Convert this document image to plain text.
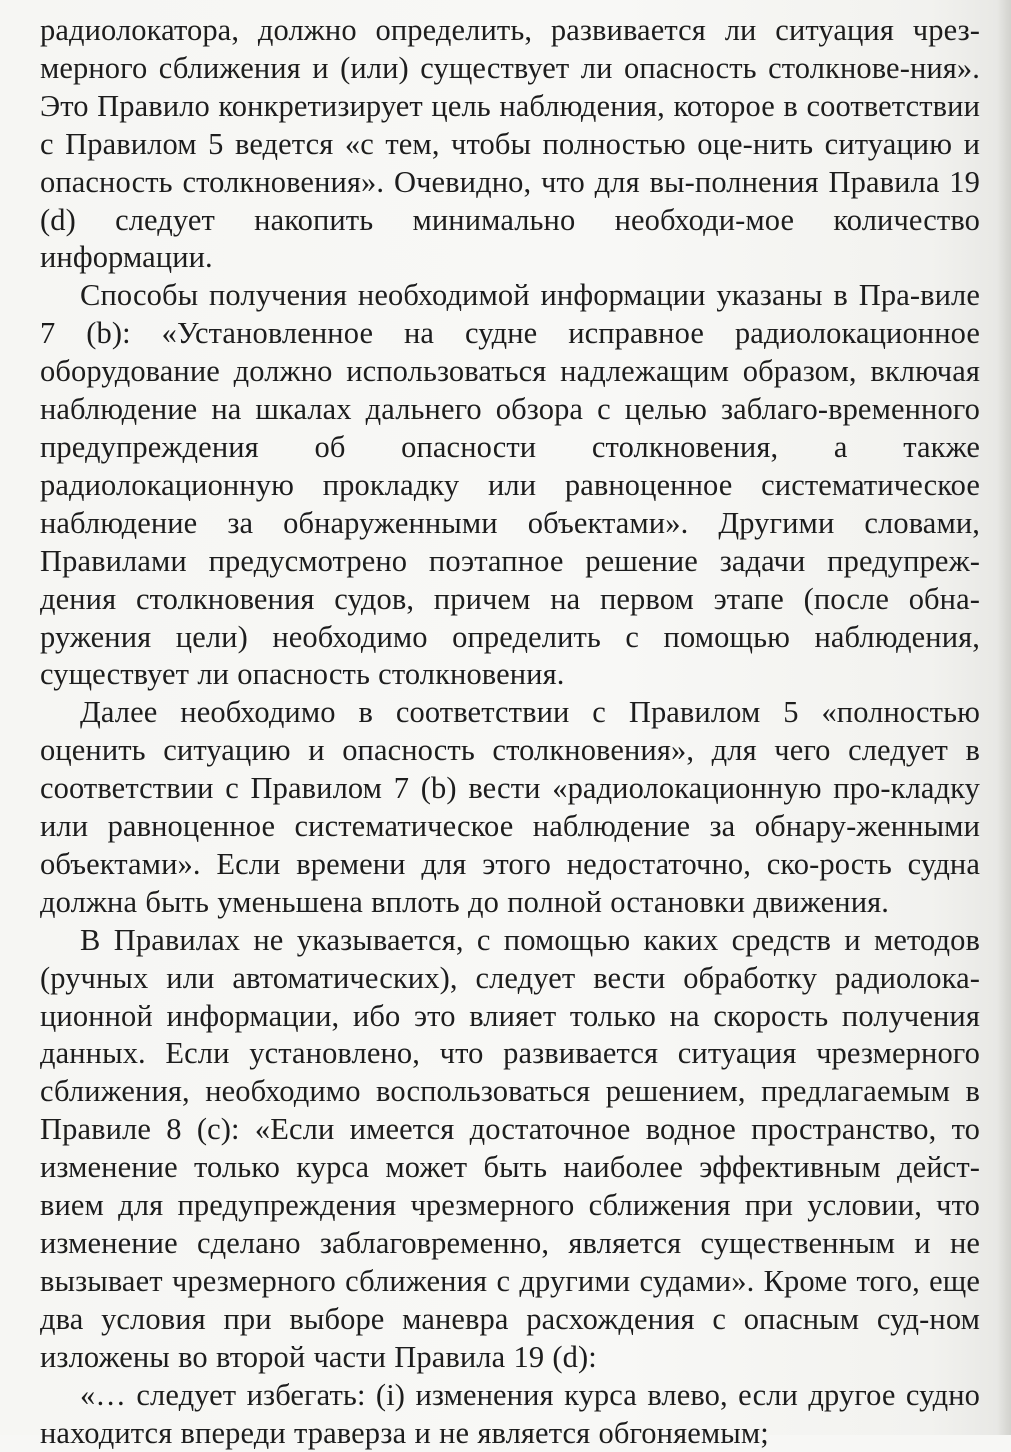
радиолокатора, должно определить, развивается ли ситуация чрез-мерного сближения и (или) существует ли опасность столкнове-ния». Это Правило конкретизирует цель наблюдения, которое в соответствии с Правилом 5 ведется «с тем, чтобы полностью оце-нить ситуацию и опасность столкновения». Очевидно, что для вы-полнения Правила 19 (d) следует накопить минимально необходи-мое количество информации.

Способы получения необходимой информации указаны в Пра-виле 7 (b): «Установленное на судне исправное радиолокационное оборудование должно использоваться надлежащим образом, включая наблюдение на шкалах дальнего обзора с целью заблаго-временного предупреждения об опасности столкновения, а также радиолокационную прокладку или равноценное систематическое наблюдение за обнаруженными объектами». Другими словами, Правилами предусмотрено поэтапное решение задачи предупреж-дения столкновения судов, причем на первом этапе (после обна-ружения цели) необходимо определить с помощью наблюдения, существует ли опасность столкновения.

Далее необходимо в соответствии с Правилом 5 «полностью оценить ситуацию и опасность столкновения», для чего следует в соответствии с Правилом 7 (b) вести «радиолокационную про-кладку или равноценное систематическое наблюдение за обнару-женными объектами». Если времени для этого недостаточно, ско-рость судна должна быть уменьшена вплоть до полной остановки движения.

В Правилах не указывается, с помощью каких средств и методов (ручных или автоматических), следует вести обработку радиолока-ционной информации, ибо это влияет только на скорость получения данных. Если установлено, что развивается ситуация чрезмерного сближения, необходимо воспользоваться решением, предлагаемым в Правиле 8 (с): «Если имеется достаточное водное пространство, то изменение только курса может быть наиболее эффективным дейст-вием для предупреждения чрезмерного сближения при условии, что изменение сделано заблаговременно, является существенным и не вызывает чрезмерного сближения с другими судами». Кроме того, еще два условия при выборе маневра расхождения с опасным суд-ном изложены во второй части Правила 19 (d):

«… следует избегать: (i) изменения курса влево, если другое судно находится впереди траверза и не является обгоняемым;
